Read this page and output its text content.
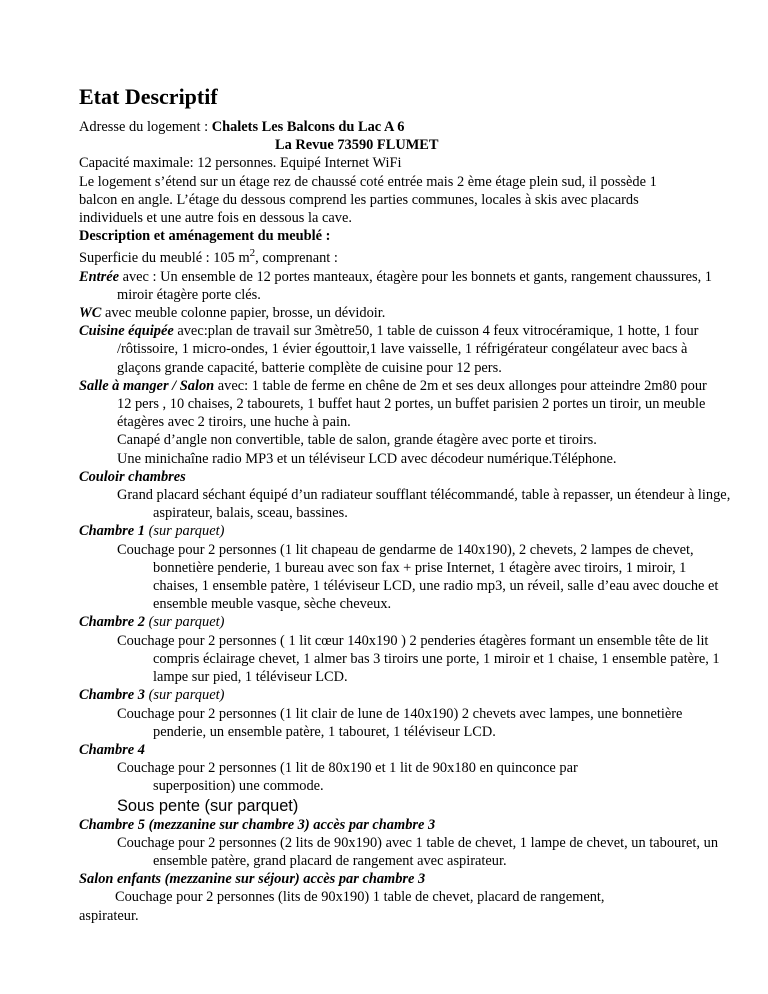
Etat Descriptif

Adresse du logement : Chalets Les Balcons du Lac A 6

La Revue 73590 FLUMET

Capacité maximale: 12 personnes. Equipé Internet WiFi

Le logement s’étend sur un étage rez de chaussé coté entrée mais 2 ème étage plein sud, il possède 1 balcon en angle. L’étage du dessous comprend les parties communes, locales à skis avec placards individuels et une autre fois en dessous la cave.

Description et aménagement du meublé :

Superficie du meublé : 105 $m^2$, comprenant :

Entrée avec : Un ensemble de 12 portes manteaux, étagère pour les bonnets et gants, rangement chaussures, 1 miroir étagère porte clés.

WC avec meuble colonne papier, brosse, un dévidoir.

Cuisine équipée avec:plan de travail sur 3mètre50, 1 table de cuisson 4 feux vitrocéramique, 1 hotte, 1 four /rôtissoire, 1 micro-ondes, 1 évier égouttoir,1 lave vaisselle, 1 réfrigérateur congélateur avec bacs à glaçons grande capacité, batterie complète de cuisine pour 12 pers.

Salle à manger / Salon avec: 1 table de ferme en chêne de 2m et ses deux allonges pour atteindre 2m80 pour 12 pers , 10 chaises, 2 tabourets, 1 buffet haut 2 portes, un buffet parisien 2 portes un tiroir, un meuble étagères avec 2 tiroirs, une huche à pain.

Canapé d’angle non convertible, table de salon, grande étagère avec porte et tiroirs.

Une minichaîne radio MP3 et un téléviseur LCD avec décodeur numérique.Téléphone.

Couloir chambres

Grand placard séchant équipé d’un radiateur soufflant télécommandé, table à repasser, un étendeur à linge, aspirateur, balais, sceau, bassines.

Chambre 1 (sur parquet)

Couchage pour 2 personnes (1 lit chapeau de gendarme de 140x190), 2 chevets, 2 lampes de chevet, bonnetière penderie, 1 bureau avec son fax + prise Internet, 1 étagère avec tiroirs, 1 miroir, 1 chaises, 1 ensemble patère, 1 téléviseur LCD, une radio mp3, un réveil, salle d’eau avec douche et ensemble meuble vasque, sèche cheveux.

Chambre 2 (sur parquet)

Couchage pour 2 personnes ( 1 lit cœur 140x190 ) 2 penderies étagères formant un ensemble tête de lit compris éclairage chevet, 1 almer bas 3 tiroirs une porte, 1 miroir et 1 chaise, 1 ensemble patère, 1 lampe sur pied, 1 téléviseur LCD.

Chambre 3 (sur parquet)

Couchage pour 2 personnes (1 lit clair de lune de 140x190) 2 chevets avec lampes, une bonnetière penderie, un ensemble patère, 1 tabouret, 1 téléviseur LCD.

Chambre 4

Couchage pour 2 personnes (1 lit de 80x190 et 1 lit de 90x180 en quinconce par superposition) une commode.

Sous pente (sur parquet)

Chambre 5 (mezzanine sur chambre 3) accès par chambre 3

Couchage pour 2 personnes (2 lits de 90x190) avec 1 table de chevet, 1 lampe de chevet, un tabouret, un ensemble patère, grand placard de rangement avec aspirateur.

Salon enfants (mezzanine sur séjour) accès par chambre 3

Couchage pour 2 personnes (lits de 90x190) 1 table de chevet, placard de rangement, aspirateur.
